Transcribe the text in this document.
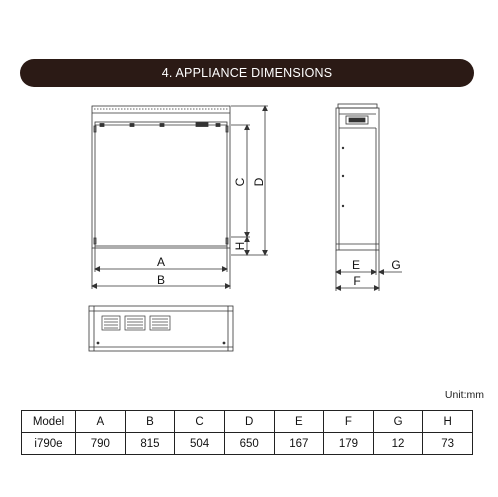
4. APPLIANCE DIMENSIONS
C D
H
A
B
E
F
G
Unit:mm
Model	A	B	C	D	E	F	G	H
i790e	790	815	504	650	167	179	12	73
